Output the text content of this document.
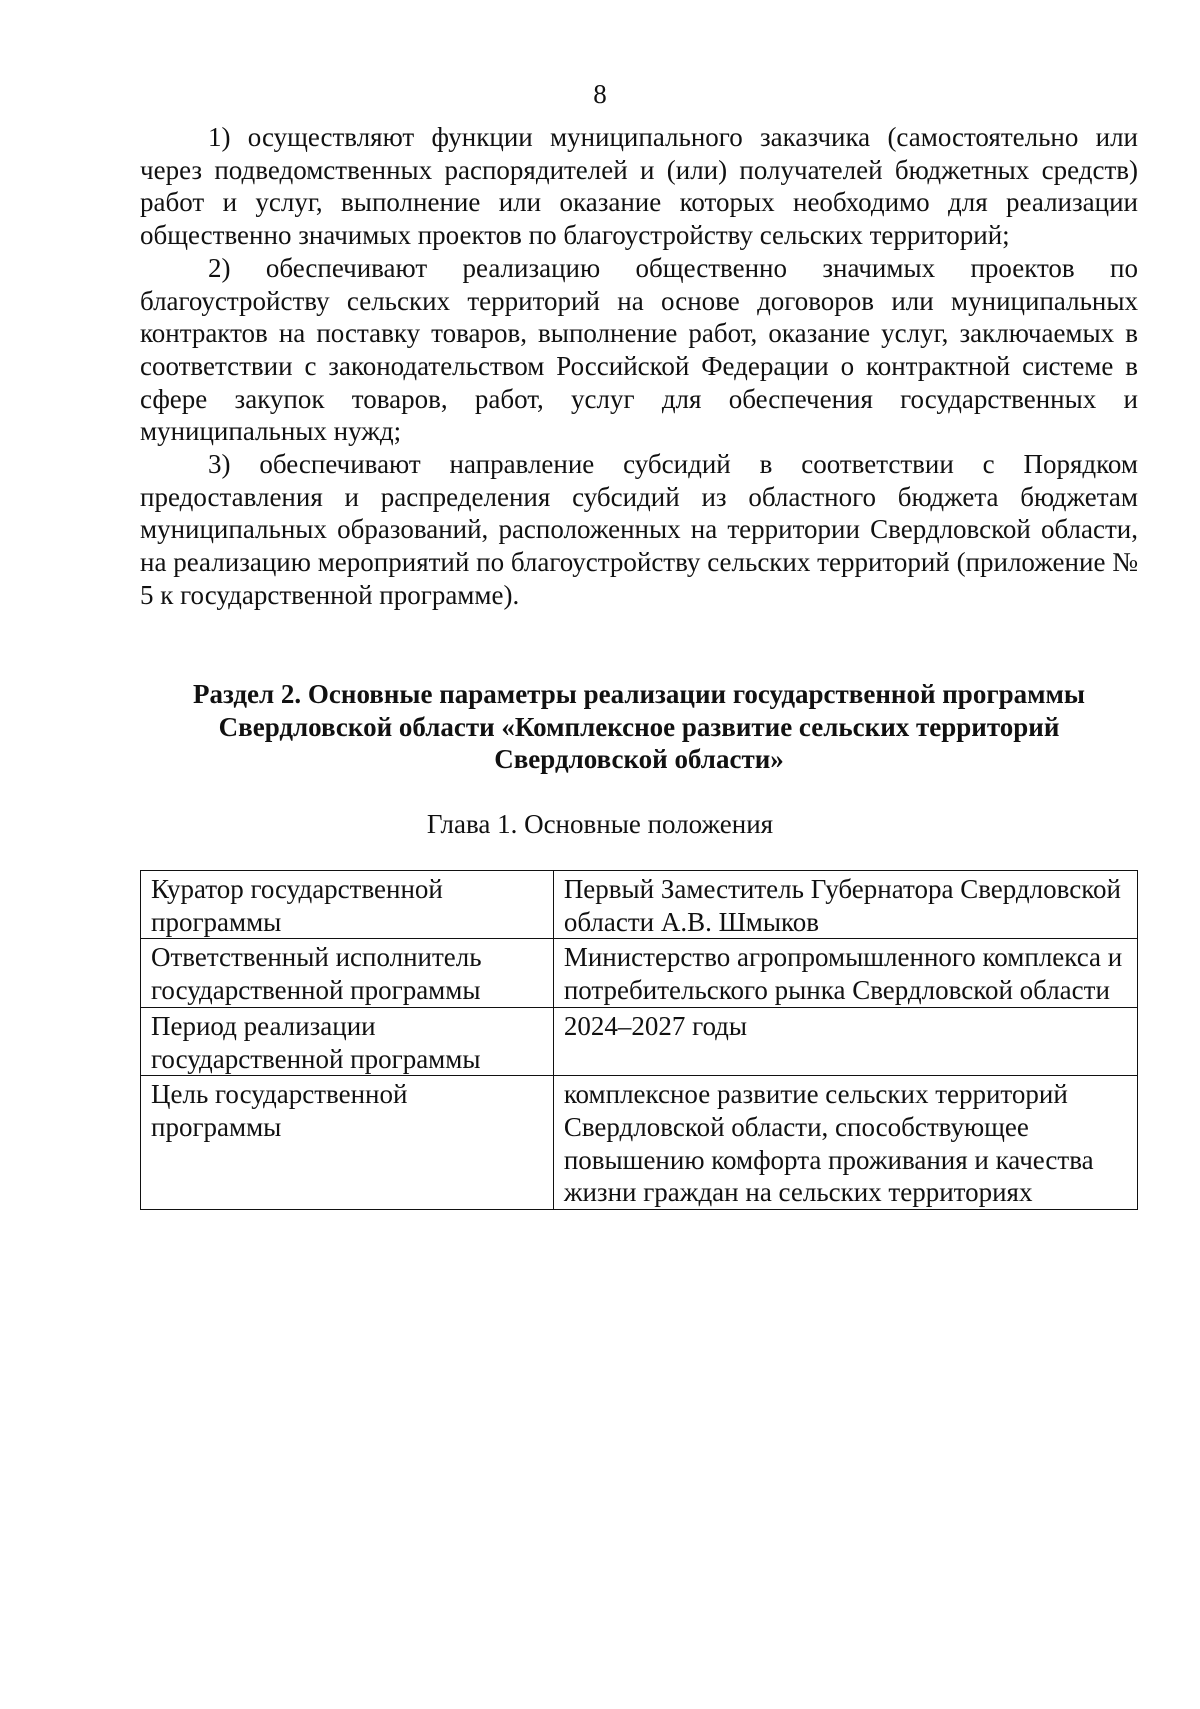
8

1) осуществляют функции муниципального заказчика (самостоятельно или через подведомственных распорядителей и (или) получателей бюджетных средств) работ и услуг, выполнение или оказание которых необходимо для реализации общественно значимых проектов по благоустройству сельских территорий;

2) обеспечивают реализацию общественно значимых проектов по благоустройству сельских территорий на основе договоров или муниципальных контрактов на поставку товаров, выполнение работ, оказание услуг, заключаемых в соответствии с законодательством Российской Федерации о контрактной системе в сфере закупок товаров, работ, услуг для обеспечения государственных и муниципальных нужд;

3) обеспечивают направление субсидий в соответствии с Порядком предоставления и распределения субсидий из областного бюджета бюджетам муниципальных образований, расположенных на территории Свердловской области, на реализацию мероприятий по благоустройству сельских территорий (приложение № 5 к государственной программе).

Раздел 2. Основные параметры реализации государственной программы Свердловской области «Комплексное развитие сельских территорий Свердловской области»
Глава 1. Основные положения
Куратор государственной программы	Первый Заместитель Губернатора Свердловской области А.В. Шмыков
Ответственный исполнитель государственной программы	Министерство агропромышленного комплекса и потребительского рынка Свердловской области
Период реализации государственной программы	2024–2027 годы
Цель государственной программы	комплексное развитие сельских территорий Свердловской области, способствующее повышению комфорта проживания и качества жизни граждан на сельских территориях
